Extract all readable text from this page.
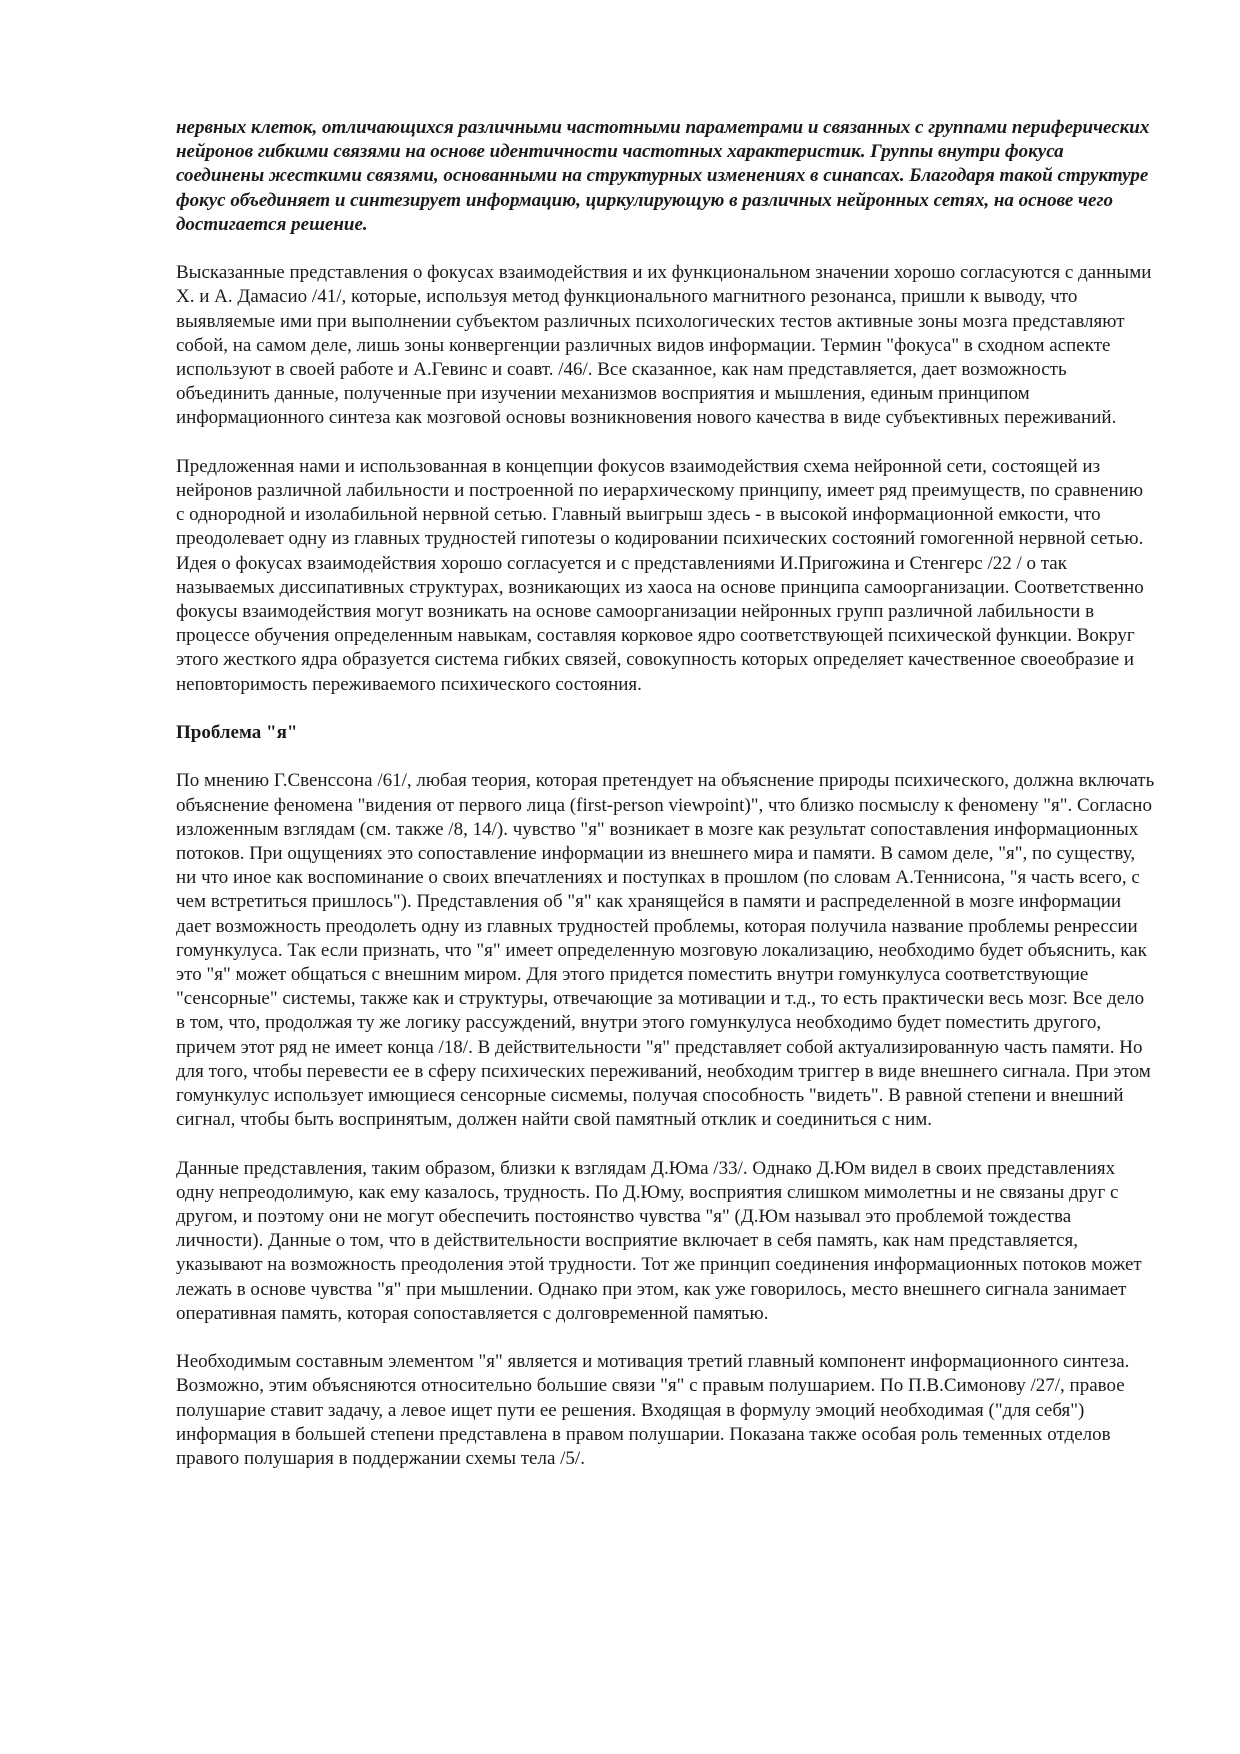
нервных клеток, отличающихся различными частотными параметрами и связанных с группами периферических нейронов гибкими связями на основе идентичности частотных характеристик. Группы внутри фокуса соединены жесткими связями, основанными на структурных изменениях в синапсах. Благодаря такой структуре фокус объединяет и синтезирует информацию, циркулирующую в различных нейронных сетях, на основе чего достигается решение.

Высказанные представления о фокусах взаимодействия и их функциональном значении хорошо согласуются с данными Х. и А. Дамасио /41/, которые, используя метод функционального магнитного резонанса, пришли к выводу, что выявляемые ими при выполнении субъектом различных психологических тестов активные зоны мозга представляют собой, на самом деле, лишь зоны конвергенции различных видов информации. Термин "фокуса" в сходном аспекте используют в своей работе и А.Гевинс и соавт. /46/. Все сказанное, как нам представляется, дает возможность объединить данные, полученные при изучении механизмов восприятия и мышления, единым принципом информационного синтеза как мозговой основы возникновения нового качества в виде субъективных переживаний.

Предложенная нами и использованная в концепции фокусов взаимодействия схема нейронной сети, состоящей из нейронов различной лабильности и построенной по иерархическому принципу, имеет ряд преимуществ, по сравнению с однородной и изолабильной нервной сетью. Главный выигрыш здесь - в высокой информационной емкости, что преодолевает одну из главных трудностей гипотезы о кодировании психических состояний гомогенной нервной сетью. Идея о фокусах взаимодействия хорошо согласуется и с представлениями И.Пригожина и Стенгерс /22 / о так называемых диссипативных структурах, возникающих из хаоса на основе принципа самоорганизации. Соответственно фокусы взаимодействия могут возникать на основе самоорганизации нейронных групп различной лабильности в процессе обучения определенным навыкам, составляя корковое ядро соответствующей психической функции. Вокруг этого жесткого ядра образуется система гибких связей, совокупность которых определяет качественное своеобразие и неповторимость переживаемого психического состояния.

Проблема "я"

По мнению Г.Свенссона /61/, любая теория, которая претендует на объяснение природы психического, должна включать объяснение феномена "видения от первого лица (first-person viewpoint)", что близко посмыслу к феномену "я". Согласно изложенным взглядам (см. также /8, 14/). чувство "я" возникает в мозге как результат сопоставления информационных потоков. При ощущениях это сопоставление информации из внешнего мира и памяти. В самом деле, "я", по существу, ни что иное как воспоминание о своих впечатлениях и поступках в прошлом (по словам А.Теннисона, "я часть всего, с чем встретиться пришлось"). Представления об "я" как хранящейся в памяти и распределенной в мозге информации дает возможность преодолеть одну из главных трудностей проблемы, которая получила название проблемы ренрессии гомункулуса. Так если признать, что "я" имеет определенную мозговую локализацию, необходимо будет объяснить, как это "я" может общаться с внешним миром. Для этого придется поместить внутри гомункулуса соответствующие "сенсорные" системы, также как и структуры, отвечающие за мотивации и т.д., то есть практически весь мозг. Все дело в том, что, продолжая ту же логику рассуждений, внутри этого гомункулуса необходимо будет поместить другого, причем этот ряд не имеет конца /18/. В действительности "я" представляет собой актуализированную часть памяти. Но для того, чтобы перевести ее в сферу психических переживаний, необходим триггер в виде внешнего сигнала. При этом гомункулус использует имющиеся сенсорные сисмемы, получая способность "видеть". В равной степени и внешний сигнал, чтобы быть воспринятым, должен найти свой памятный отклик и соединиться с ним.

Данные представления, таким образом, близки к взглядам Д.Юма /33/. Однако Д.Юм видел в своих представлениях одну непреодолимую, как ему казалось, трудность. По Д.Юму, восприятия слишком мимолетны и не связаны друг с другом, и поэтому они не могут обеспечить постоянство чувства "я" (Д.Юм называл это проблемой тождества личности). Данные о том, что в действительности восприятие включает в себя память, как нам представляется, указывают на возможность преодоления этой трудности. Тот же принцип соединения информационных потоков может лежать в основе чувства "я" при мышлении. Однако при этом, как уже говорилось, место внешнего сигнала занимает оперативная память, которая сопоставляется с долговременной памятью.

Необходимым составным элементом "я" является и мотивация третий главный компонент информационного синтеза. Возможно, этим объясняются относительно большие связи "я" с правым полушарием. По П.В.Симонову /27/, правое полушарие ставит задачу, а левое ищет пути ее решения. Входящая в формулу эмоций необходимая ("для себя") информация в большей степени представлена в правом полушарии. Показана также особая роль теменных отделов правого полушария в поддержании схемы тела /5/.
